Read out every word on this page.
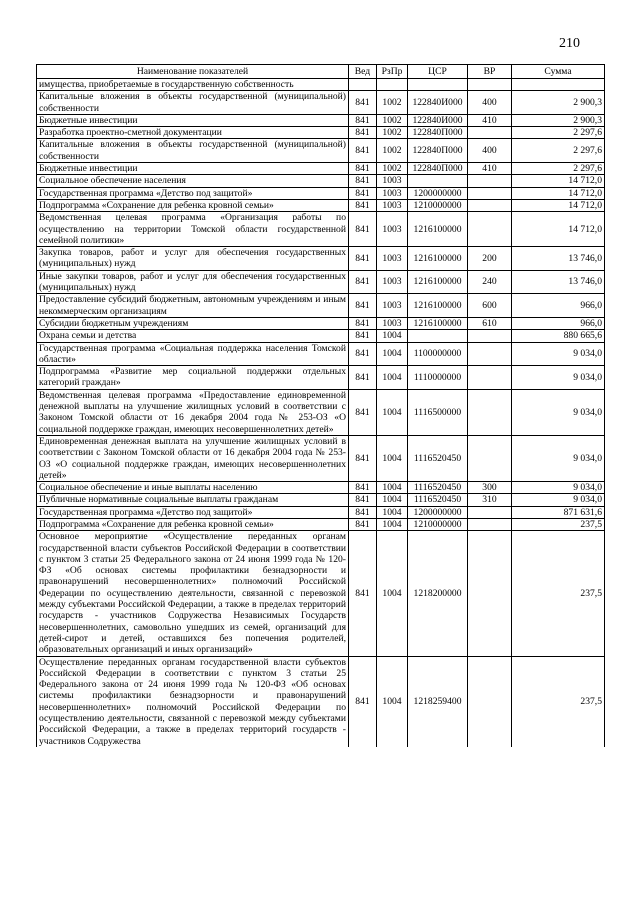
210
Наименование показателей	Вед	РзПр	ЦСР	ВР	Сумма
имущества, приобретаемые в государственную собственность					
Капитальные вложения в объекты государственной (муниципальной) собственности	841	1002	122840И000	400	2 900,3
Бюджетные инвестиции	841	1002	122840И000	410	2 900,3
Разработка проектно-сметной документации	841	1002	122840П000		2 297,6
Капитальные вложения в объекты государственной (муниципальной) собственности	841	1002	122840П000	400	2 297,6
Бюджетные инвестиции	841	1002	122840П000	410	2 297,6
Социальное обеспечение населения	841	1003			14 712,0
Государственная программа «Детство под защитой»	841	1003	1200000000		14 712,0
Подпрограмма «Сохранение для ребенка кровной семьи»	841	1003	1210000000		14 712,0
Ведомственная целевая программа «Организация работы по осуществлению на территории Томской области государственной семейной политики»	841	1003	1216100000		14 712,0
Закупка товаров, работ и услуг для обеспечения государственных (муниципальных) нужд	841	1003	1216100000	200	13 746,0
Иные закупки товаров, работ и услуг для обеспечения государственных (муниципальных) нужд	841	1003	1216100000	240	13 746,0
Предоставление субсидий бюджетным, автономным учреждениям и иным некоммерческим организациям	841	1003	1216100000	600	966,0
Субсидии бюджетным учреждениям	841	1003	1216100000	610	966,0
Охрана семьи и детства	841	1004			880 665,6
Государственная программа «Социальная поддержка населения Томской области»	841	1004	1100000000		9 034,0
Подпрограмма «Развитие мер социальной поддержки отдельных категорий граждан»	841	1004	1110000000		9 034,0
Ведомственная целевая программа «Предоставление единовременной денежной выплаты на улучшение жилищных условий в соответствии с Законом Томской области от 16 декабря 2004 года № 253-ОЗ «О социальной поддержке граждан, имеющих несовершеннолетних детей»	841	1004	1116500000		9 034,0
Единовременная денежная выплата на улучшение жилищных условий в соответствии с Законом Томской области от 16 декабря 2004 года № 253-ОЗ «О социальной поддержке граждан, имеющих несовершеннолетних детей»	841	1004	1116520450		9 034,0
Социальное обеспечение и иные выплаты населению	841	1004	1116520450	300	9 034,0
Публичные нормативные социальные выплаты гражданам	841	1004	1116520450	310	9 034,0
Государственная программа «Детство под защитой»	841	1004	1200000000		871 631,6
Подпрограмма «Сохранение для ребенка кровной семьи»	841	1004	1210000000		237,5
Основное мероприятие «Осуществление переданных органам государственной власти субъектов Российской Федерации в соответствии с пунктом 3 статьи 25 Федерального закона от 24 июня 1999 года № 120-ФЗ «Об основах системы профилактики безнадзорности и правонарушений несовершеннолетних» полномочий Российской Федерации по осуществлению деятельности, связанной с перевозкой между субъектами Российской Федерации, а также в пределах территорий государств - участников Содружества Независимых Государств несовершеннолетних, самовольно ушедших из семей, организаций для детей-сирот и детей, оставшихся без попечения родителей, образовательных организаций и иных организаций»	841	1004	1218200000		237,5
Осуществление переданных органам государственной власти субъектов Российской Федерации в соответствии с пунктом 3 статьи 25 Федерального закона от 24 июня 1999 года № 120-ФЗ «Об основах системы профилактики безнадзорности и правонарушений несовершеннолетних» полномочий Российской Федерации по осуществлению деятельности, связанной с перевозкой между субъектами Российской Федерации, а также в пределах территорий государств - участников Содружества	841	1004	1218259400		237,5
